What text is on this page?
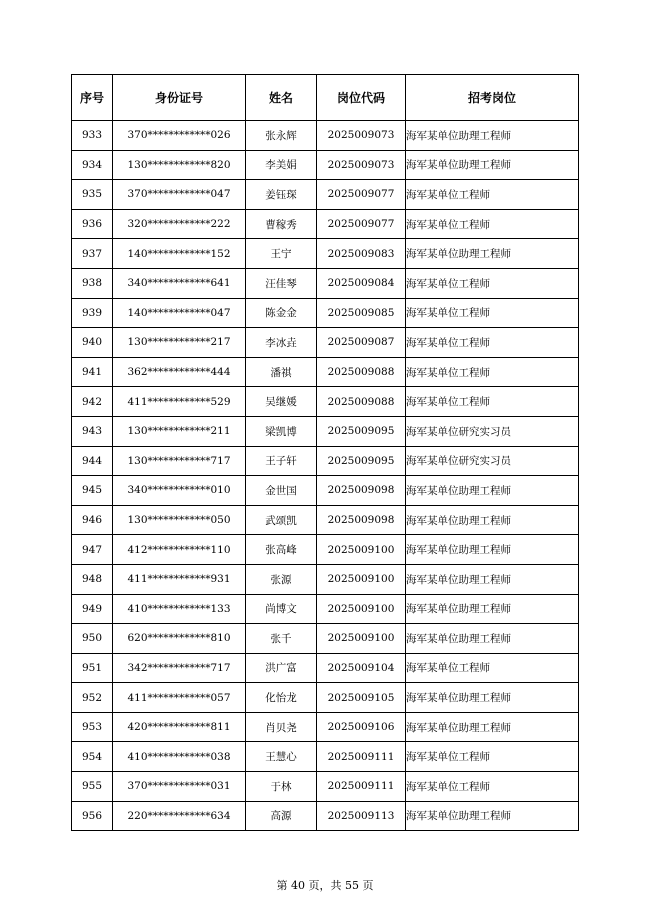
序号	身份证号	姓名	岗位代码	招考岗位
933	370************026	张永辉	2025009073	海军某单位助理工程师
934	130************820	李美娟	2025009073	海军某单位助理工程师
935	370************047	姜钰琛	2025009077	海军某单位工程师
936	320************222	曹稼秀	2025009077	海军某单位工程师
937	140************152	王宁	2025009083	海军某单位助理工程师
938	340************641	汪佳琴	2025009084	海军某单位工程师
939	140************047	陈金金	2025009085	海军某单位工程师
940	130************217	李冰垚	2025009087	海军某单位工程师
941	362************444	潘祺	2025009088	海军某单位工程师
942	411************529	吴继媛	2025009088	海军某单位工程师
943	130************211	梁凯博	2025009095	海军某单位研究实习员
944	130************717	王子轩	2025009095	海军某单位研究实习员
945	340************010	金世国	2025009098	海军某单位助理工程师
946	130************050	武颂凯	2025009098	海军某单位助理工程师
947	412************110	张高峰	2025009100	海军某单位助理工程师
948	411************931	张源	2025009100	海军某单位助理工程师
949	410************133	尚博文	2025009100	海军某单位助理工程师
950	620************810	张千	2025009100	海军某单位助理工程师
951	342************717	洪广富	2025009104	海军某单位工程师
952	411************057	化怡龙	2025009105	海军某单位助理工程师
953	420************811	肖贝尧	2025009106	海军某单位助理工程师
954	410************038	王慧心	2025009111	海军某单位工程师
955	370************031	于林	2025009111	海军某单位工程师
956	220************634	高源	2025009113	海军某单位助理工程师
第 40 页，共 55 页
